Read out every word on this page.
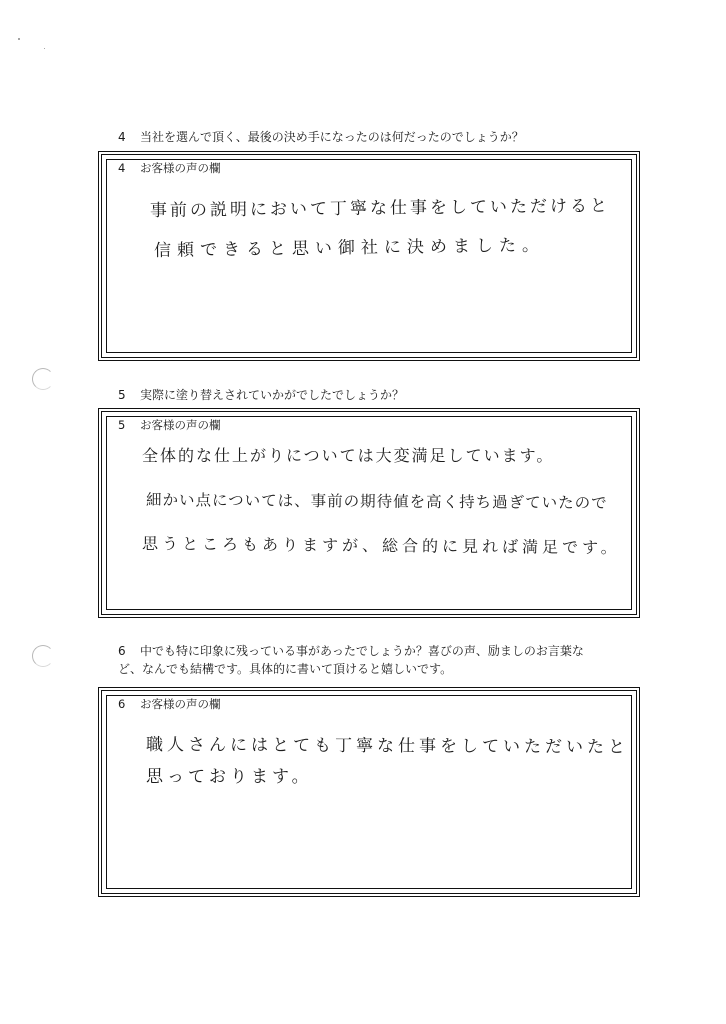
4 当社を選んで頂く、最後の決め手になったのは何だったのでしょうか？

4 お客様の声の欄
事前の説明において丁寧な仕事をしていただけると
信頼できると思い御社に決めました。

5 実際に塗り替えされていかがでしたでしょうか？

5 お客様の声の欄
全体的な仕上がりについては大変満足しています。
細かい点については、事前の期待値を高く持ち過ぎていたので
思うところもありますが、総合的に見れば満足です。

6 中でも特に印象に残っている事があったでしょうか？喜びの声、励ましのお言葉な
ど、なんでも結構です。具体的に書いて頂けると嬉しいです。

6 お客様の声の欄
職人さんにはとても丁寧な仕事をしていただいたと
思っております。
